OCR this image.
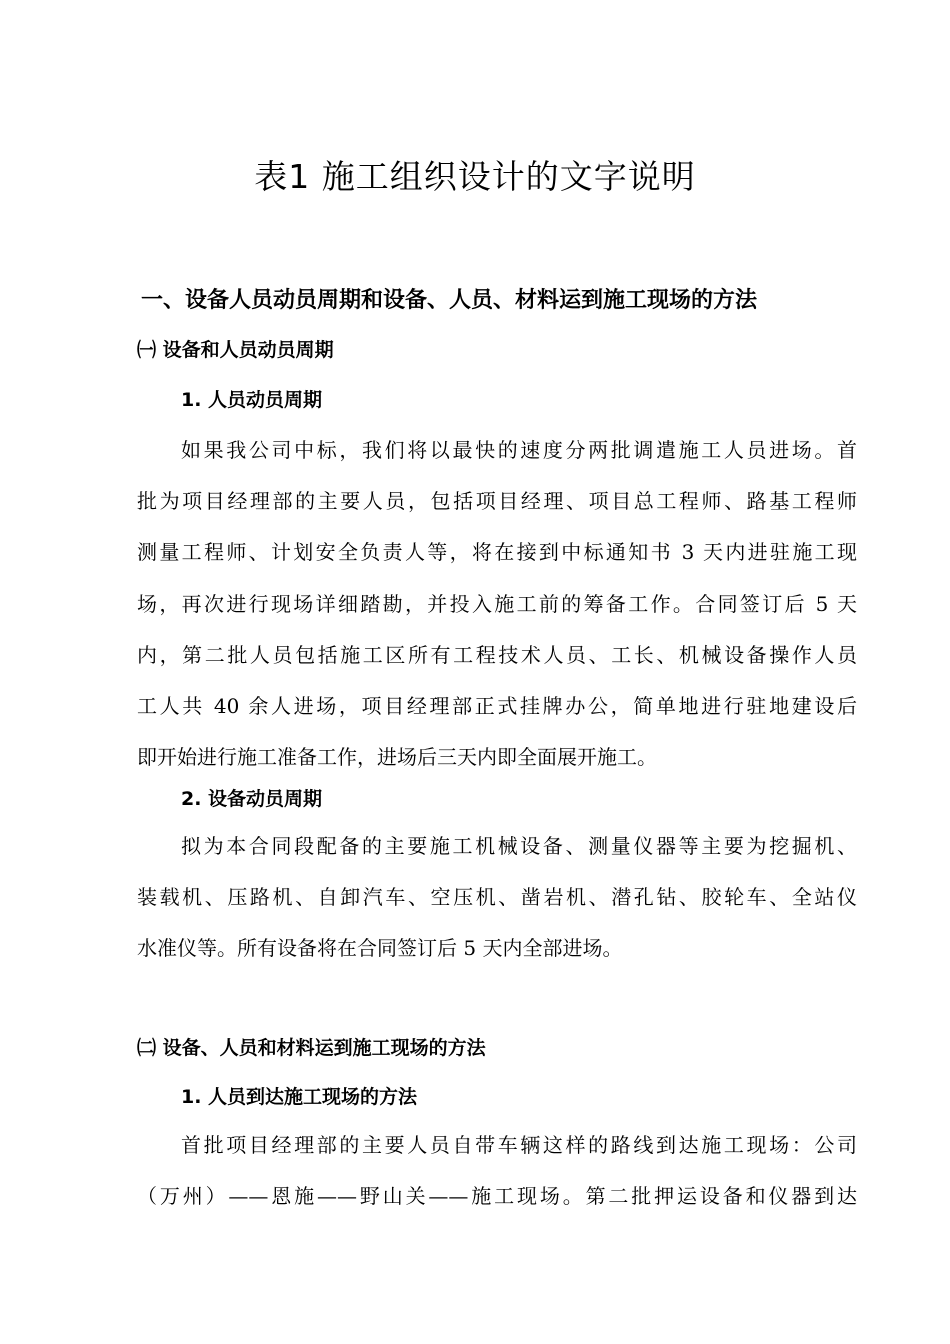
表1 施工组织设计的文字说明
一、设备人员动员周期和设备、人员、材料运到施工现场的方法
㈠ 设备和人员动员周期
1. 人员动员周期
如果我公司中标，我们将以最快的速度分两批调遣施工人员进场。首
批为项目经理部的主要人员，包括项目经理、项目总工程师、路基工程师
测量工程师、计划安全负责人等，将在接到中标通知书 3 天内进驻施工现
场，再次进行现场详细踏勘，并投入施工前的筹备工作。合同签订后 5 天
内，第二批人员包括施工区所有工程技术人员、工长、机械设备操作人员
工人共 40 余人进场，项目经理部正式挂牌办公，简单地进行驻地建设后
即开始进行施工准备工作，进场后三天内即全面展开施工。
2. 设备动员周期
拟为本合同段配备的主要施工机械设备、测量仪器等主要为挖掘机、
装载机、压路机、自卸汽车、空压机、凿岩机、潜孔钻、胶轮车、全站仪
水准仪等。所有设备将在合同签订后 5 天内全部进场。
㈡ 设备、人员和材料运到施工现场的方法
1. 人员到达施工现场的方法
首批项目经理部的主要人员自带车辆这样的路线到达施工现场：公司
（万州）——恩施——野山关——施工现场。第二批押运设备和仪器到达
